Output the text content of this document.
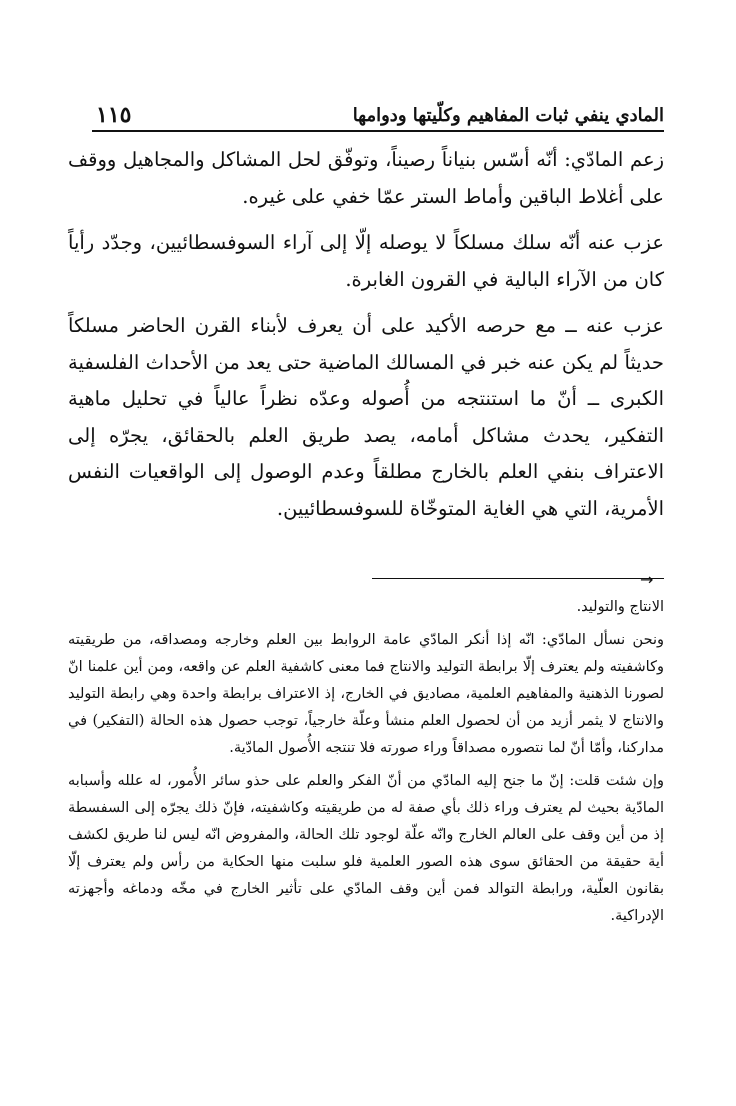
المادي ينفي ثبات المفاهيم وكلّيتها ودوامها
١١٥

زعم المادّي: أنّه أسّس بنياناً رصيناً، وتوفّق لحل المشاكل والمجاهيل ووقف على أغلاط الباقين وأماط الستر عمّا خفي على غيره.

عزب عنه أنّه سلك مسلكاً لا يوصله إلّا إلى آراء السوفسطائيين، وجدّد رأياً كان من الآراء البالية في القرون الغابرة.

عزب عنه ــ مع حرصه الأكيد على أن يعرف لأبناء القرن الحاضر مسلكاً حديثاً لم يكن عنه خبر في المسالك الماضية حتى يعد من الأحداث الفلسفية الكبرى ــ أنّ ما استنتجه من أُصوله وعدّه نظراً عالياً في تحليل ماهية التفكير، يحدث مشاكل أمامه، يصد طريق العلم بالحقائق، يجرّه إلى الاعتراف بنفي العلم بالخارج مطلقاً وعدم الوصول إلى الواقعيات النفس الأمرية، التي هي الغاية المتوخّاة للسوفسطائيين.

→

الانتاج والتوليد.

ونحن نسأل المادّي: انّه إذا أنكر المادّي عامة الروابط بين العلم وخارجه ومصداقه، من طريقيته وكاشفيته ولم يعترف إلّا برابطة التوليد والانتاج فما معنى كاشفية العلم عن واقعه، ومن أين علمنا انّ لصورنا الذهنية والمفاهيم العلمية، مصاديق في الخارج، إذ الاعتراف برابطة واحدة وهي رابطة التوليد والانتاج لا يثمر أزيد من أن لحصول العلم منشأ وعلّة خارجياً، توجب حصول هذه الحالة (التفكير) في مداركنا، وأمّا أنّ لما نتصوره مصداقاً وراء صورته فلا تنتجه الأُصول المادّية.

وإن شئت قلت: إنّ ما جنح إليه المادّي من أنّ الفكر والعلم على حذو سائر الأُمور، له علله وأسبابه المادّية بحيث لم يعترف وراء ذلك بأي صفة له من طريقيته وكاشفيته، فإنّ ذلك يجرّه إلى السفسطة إذ من أين وقف على العالم الخارج وانّه علّة لوجود تلك الحالة، والمفروض انّه ليس لنا طريق لكشف أية حقيقة من الحقائق سوى هذه الصور العلمية فلو سلبت منها الحكاية من رأس ولم يعترف إلّا بقانون العلّية، ورابطة التوالد فمن أين وقف المادّي على تأثير الخارج في مخّه ودماغه وأجهزته الإدراكية.
